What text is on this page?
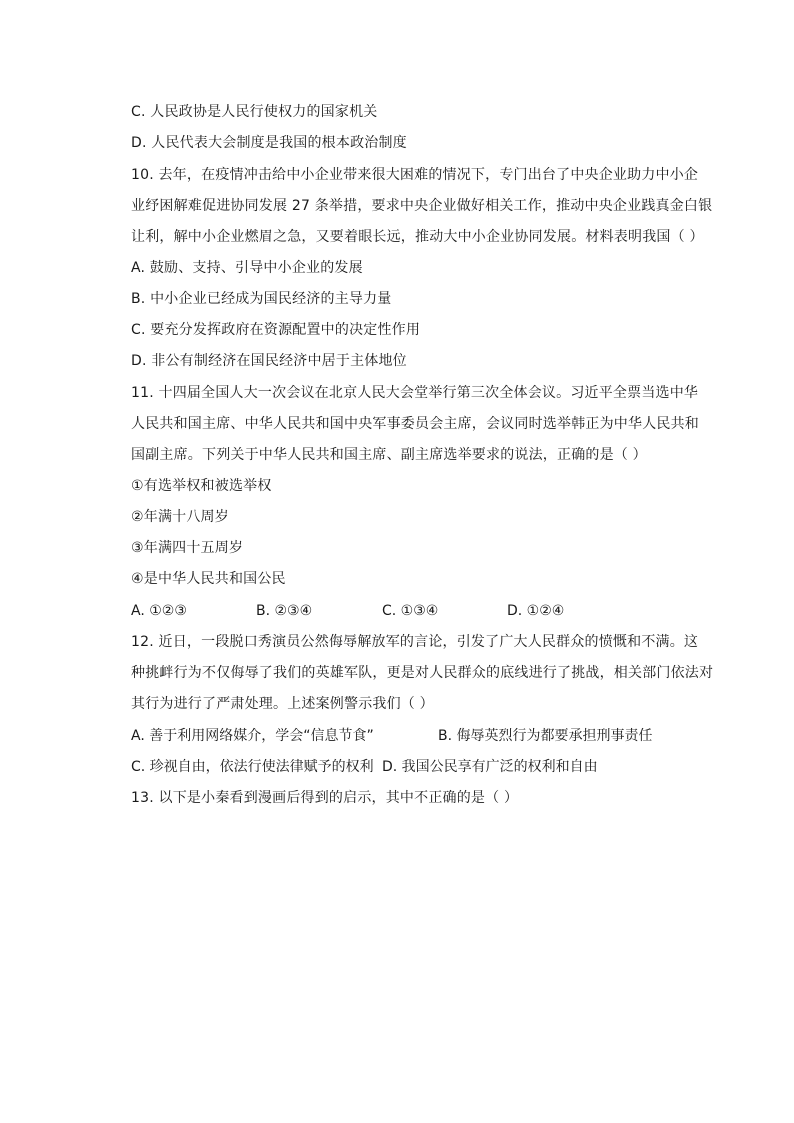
C. 人民政协是人民行使权力的国家机关
D. 人民代表大会制度是我国的根本政治制度
10. 去年，在疫情冲击给中小企业带来很大困难的情况下，专门出台了中央企业助力中小企
业纾困解难促进协同发展 27 条举措，要求中央企业做好相关工作，推动中央企业践真金白银
让利，解中小企业燃眉之急，又要着眼长远，推动大中小企业协同发展。材料表明我国（ ）
A. 鼓励、支持、引导中小企业的发展
B. 中小企业已经成为国民经济的主导力量
C. 要充分发挥政府在资源配置中的决定性作用
D. 非公有制经济在国民经济中居于主体地位
11. 十四届全国人大一次会议在北京人民大会堂举行第三次全体会议。习近平全票当选中华
人民共和国主席、中华人民共和国中央军事委员会主席，会议同时选举韩正为中华人民共和
国副主席。下列关于中华人民共和国主席、副主席选举要求的说法，正确的是（ ）
①有选举权和被选举权
②年满十八周岁
③年满四十五周岁
④是中华人民共和国公民
A. ①②③	B. ②③④	C. ①③④	D. ①②④
12. 近日，一段脱口秀演员公然侮辱解放军的言论，引发了广大人民群众的愤慨和不满。这
种挑衅行为不仅侮辱了我们的英雄军队，更是对人民群众的底线进行了挑战，相关部门依法对
其行为进行了严肃处理。上述案例警示我们（ ）
A. 善于利用网络媒介，学会“信息节食”	B. 侮辱英烈行为都要承担刑事责任
C. 珍视自由，依法行使法律赋予的权利 D. 我国公民享有广泛的权利和自由
13. 以下是小秦看到漫画后得到的启示，其中不正确的是（ ）
